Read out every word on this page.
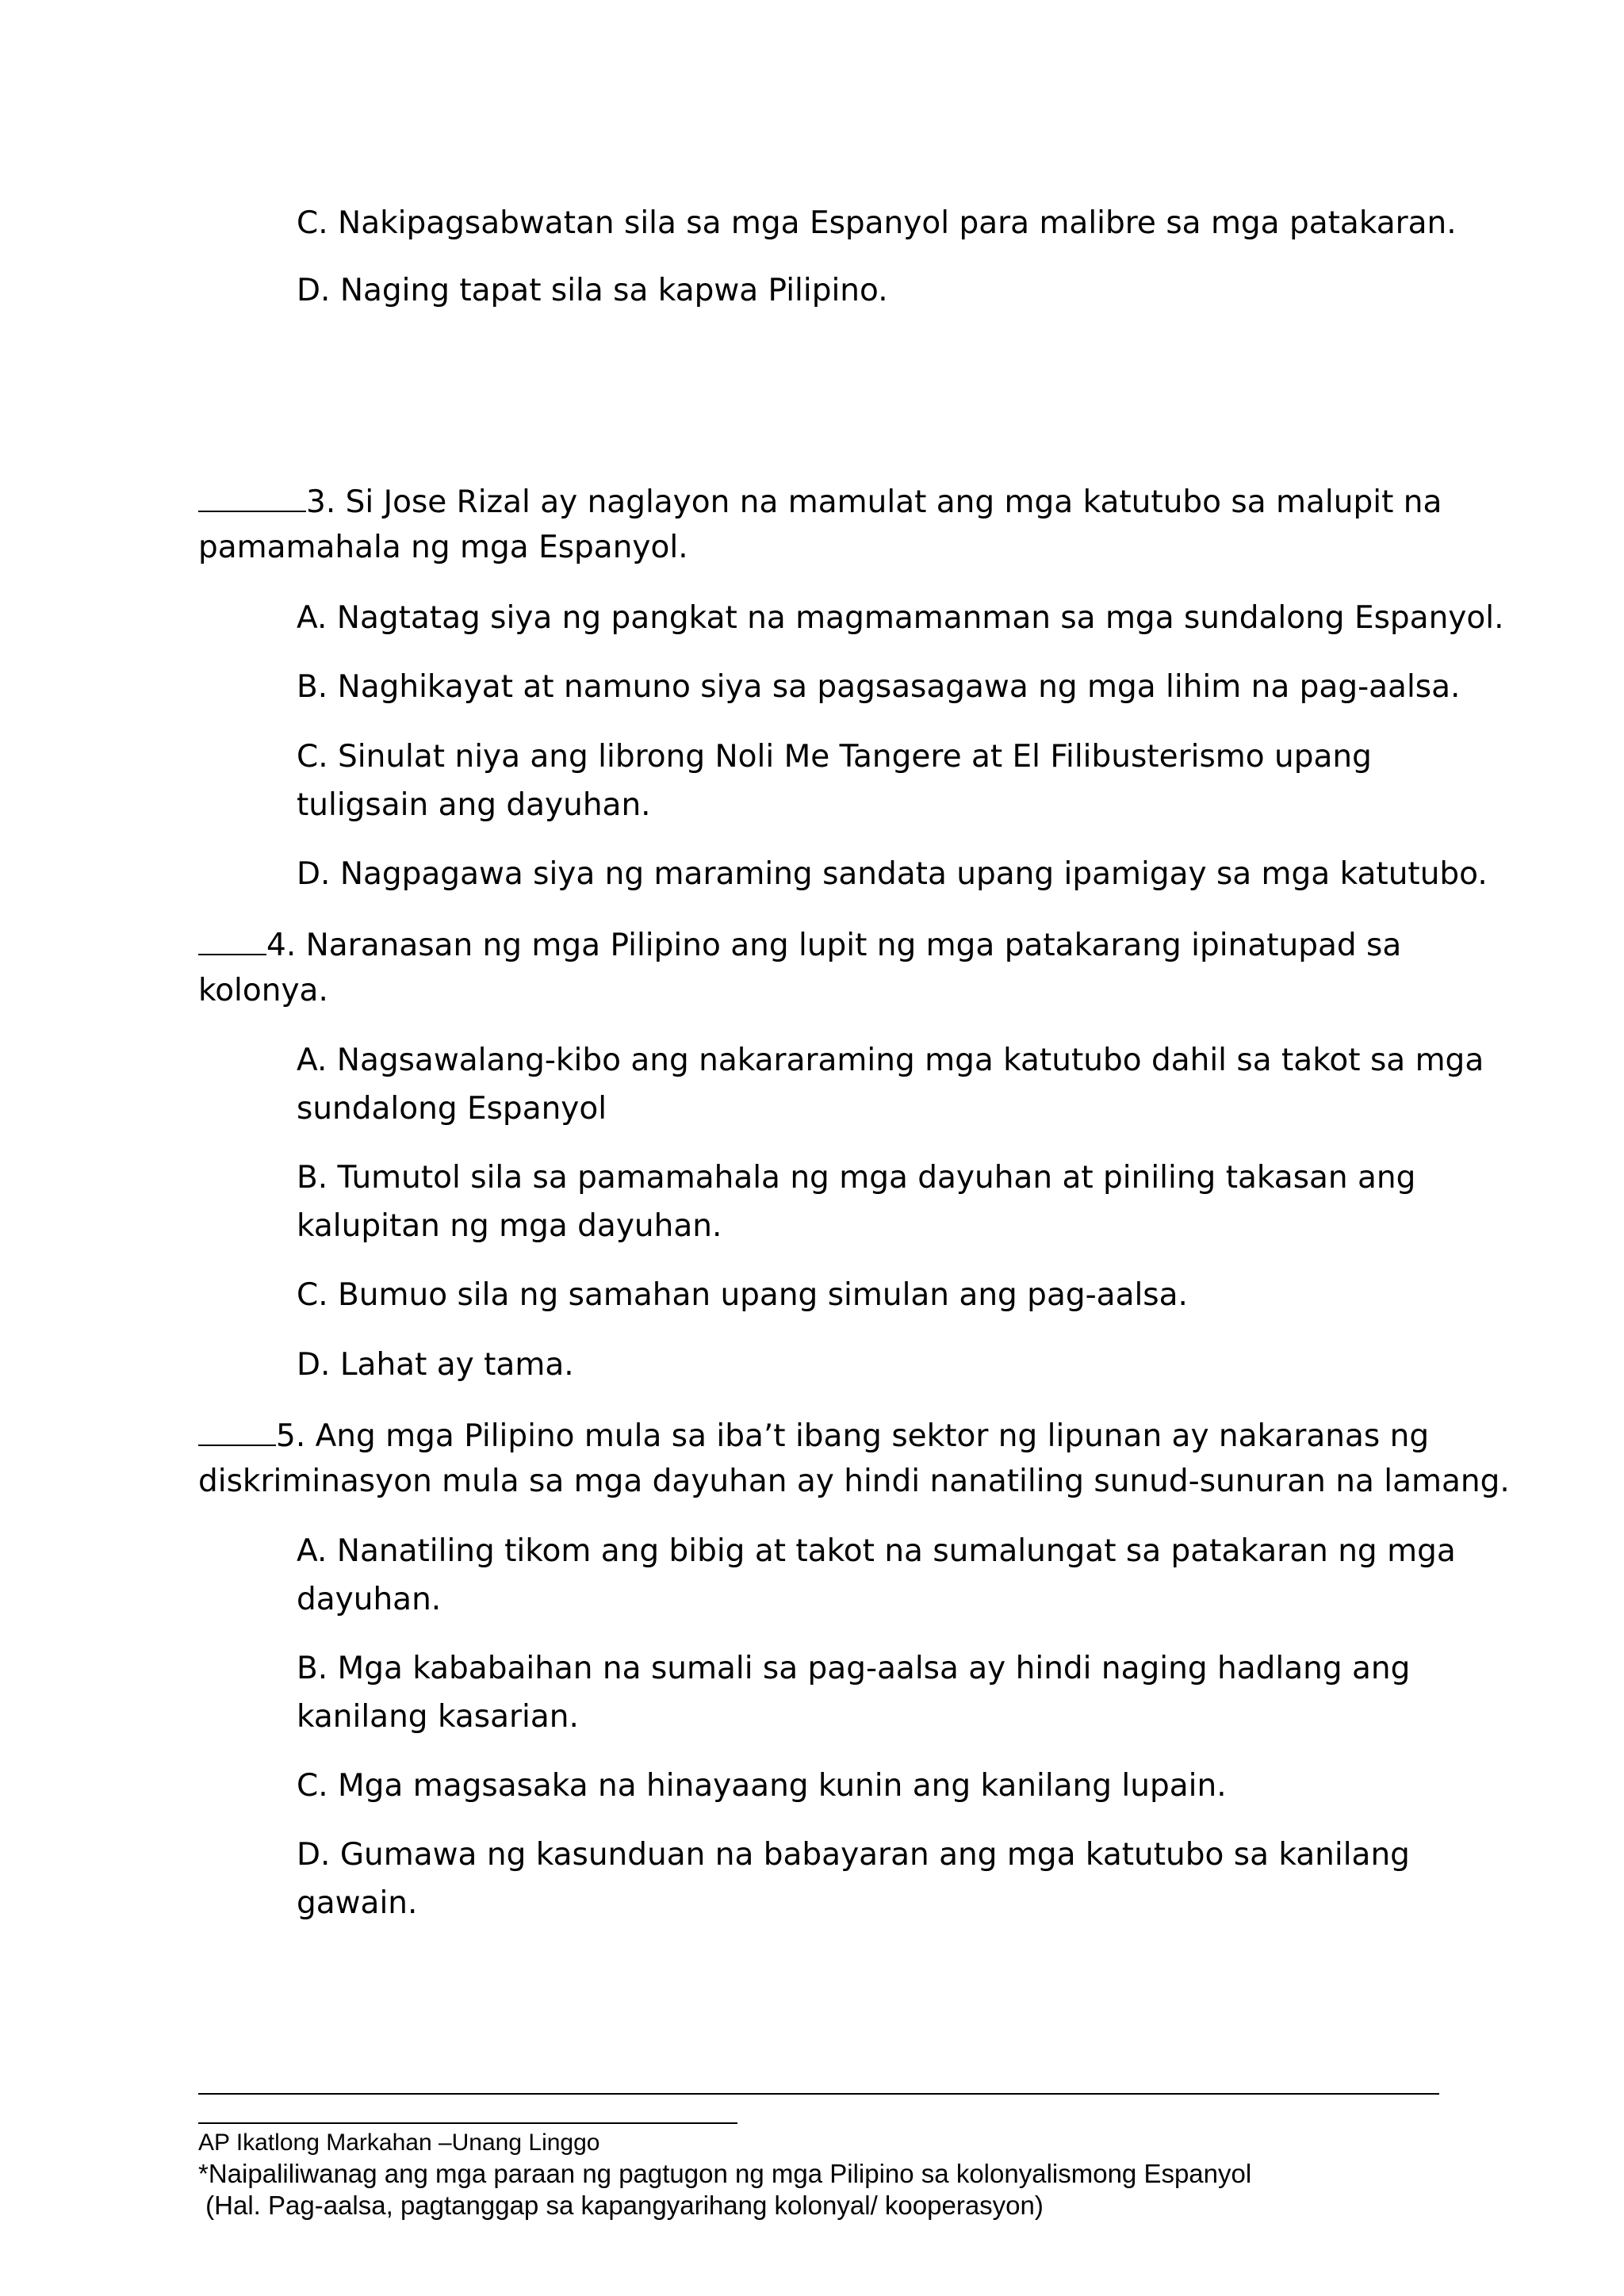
C. Nakipagsabwatan sila sa mga Espanyol para malibre sa mga patakaran.

D. Naging tapat sila sa kapwa Pilipino.

3. Si Jose Rizal ay naglayon na mamulat ang mga katutubo sa malupit na

pamamahala ng mga Espanyol.

A. Nagtatag siya ng pangkat na magmamanman sa mga sundalong Espanyol.

B. Naghikayat at namuno siya sa pagsasagawa ng mga lihim na pag-aalsa.

C. Sinulat niya ang librong Noli Me Tangere at El Filibusterismo upang

tuligsain ang dayuhan.

D. Nagpagawa siya ng maraming sandata upang ipamigay sa mga katutubo.

4. Naranasan ng mga Pilipino ang lupit ng mga patakarang ipinatupad sa

kolonya.

A. Nagsawalang-kibo ang nakararaming mga katutubo dahil sa takot sa mga

sundalong Espanyol

B. Tumutol sila sa pamamahala ng mga dayuhan at piniling takasan ang

kalupitan ng mga dayuhan.

C. Bumuo sila ng samahan upang simulan ang pag-aalsa.

D. Lahat ay tama.

5. Ang mga Pilipino mula sa iba’t ibang sektor ng lipunan ay nakaranas ng

diskriminasyon mula sa mga dayuhan ay hindi nanatiling sunud-sunuran na lamang.

A. Nanatiling tikom ang bibig at takot na sumalungat sa patakaran ng mga

dayuhan.

B. Mga kababaihan na sumali sa pag-aalsa ay hindi naging hadlang ang

kanilang kasarian.

C. Mga magsasaka na hinayaang kunin ang kanilang lupain.

D. Gumawa ng kasunduan na babayaran ang mga katutubo sa kanilang

gawain.

AP Ikatlong Markahan –Unang Linggo

*Naipaliliwanag ang mga paraan ng pagtugon ng mga Pilipino sa kolonyalismong Espanyol

(Hal. Pag-aalsa, pagtanggap sa kapangyarihang kolonyal/ kooperasyon)
